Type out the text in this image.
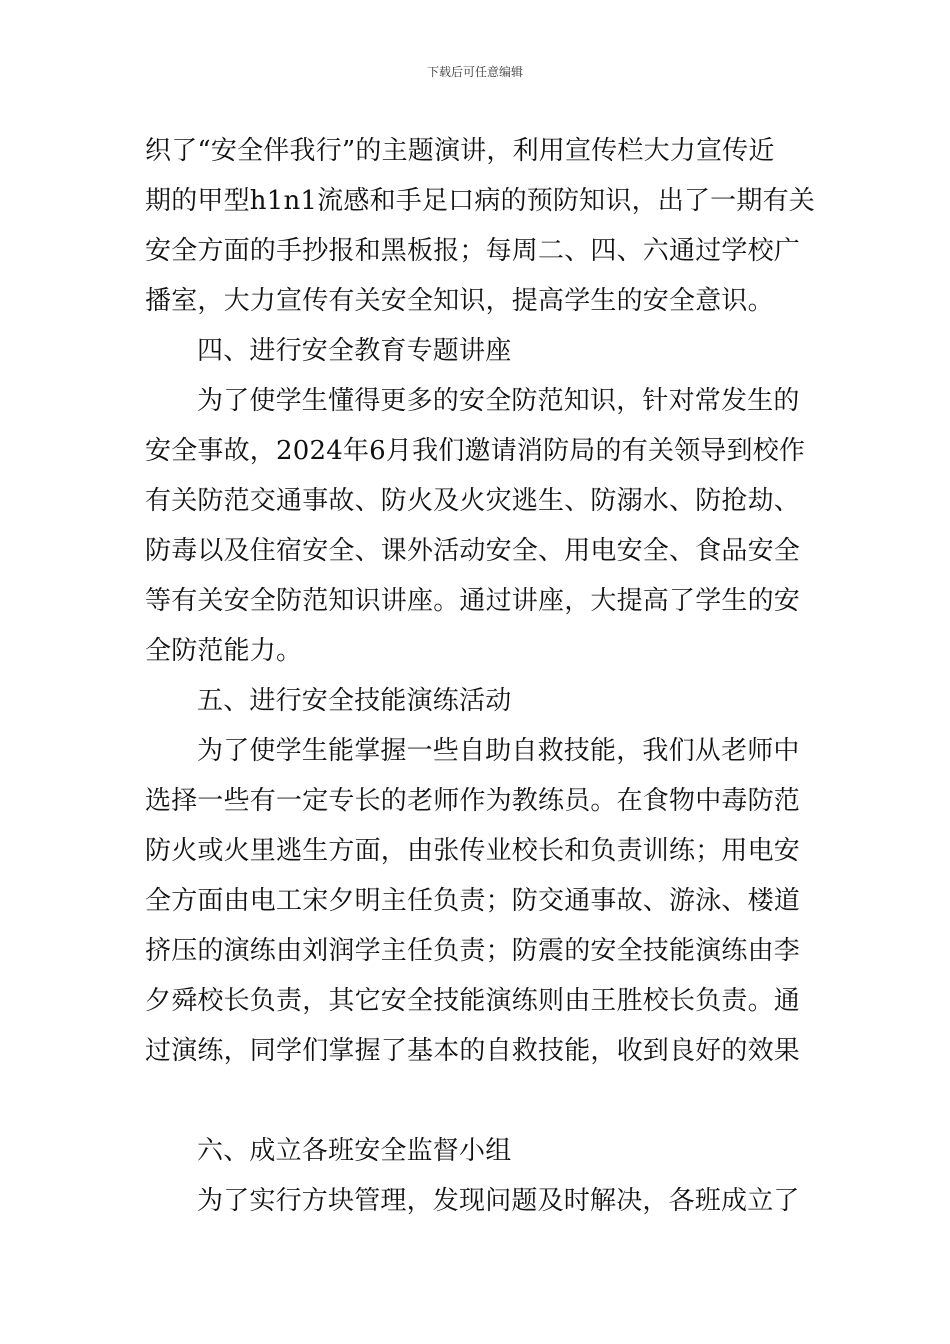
下载后可任意编辑
织了“安全伴我行”的主题演讲，利用宣传栏大力宣传近
期的甲型h1n1流感和手足口病的预防知识，出了一期有关
安全方面的手抄报和黑板报；每周二、四、六通过学校广
播室，大力宣传有关安全知识，提高学生的安全意识。
四、进行安全教育专题讲座
为了使学生懂得更多的安全防范知识，针对常发生的
安全事故，2024年6月我们邀请消防局的有关领导到校作
有关防范交通事故、防火及火灾逃生、防溺水、防抢劫、
防毒以及住宿安全、课外活动安全、用电安全、食品安全
等有关安全防范知识讲座。通过讲座，大提高了学生的安
全防范能力。
五、进行安全技能演练活动
为了使学生能掌握一些自助自救技能，我们从老师中
选择一些有一定专长的老师作为教练员。在食物中毒防范
防火或火里逃生方面，由张传业校长和负责训练；用电安
全方面由电工宋夕明主任负责；防交通事故、游泳、楼道
挤压的演练由刘润学主任负责；防震的安全技能演练由李
夕舜校长负责，其它安全技能演练则由王胜校长负责。通
过演练，同学们掌握了基本的自救技能，收到良好的效果
六、成立各班安全监督小组
为了实行方块管理，发现问题及时解决，各班成立了
